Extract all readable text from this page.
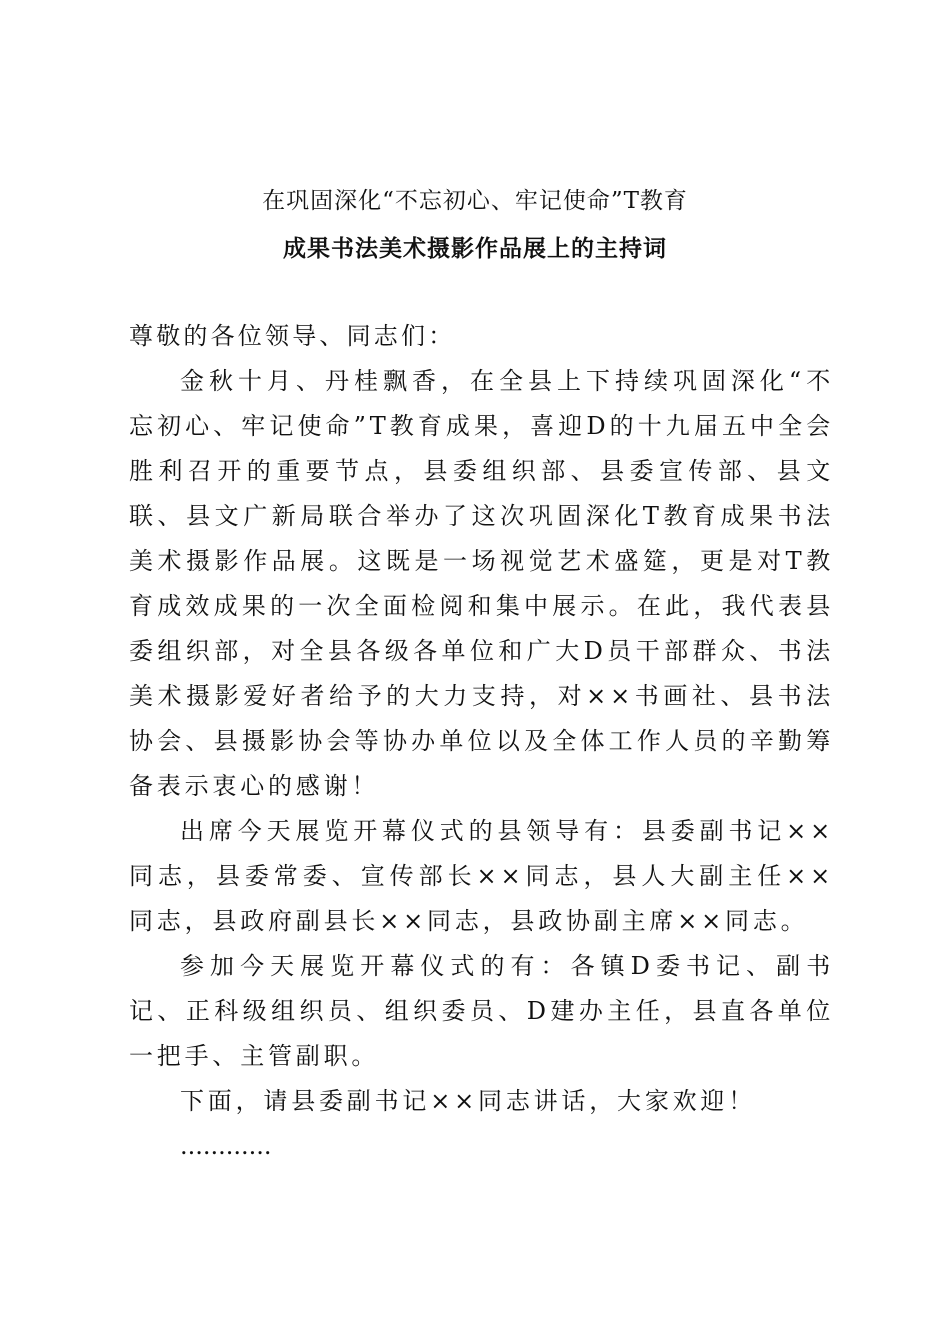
在巩固深化“不忘初心、牢记使命”T教育

成果书法美术摄影作品展上的主持词

尊敬的各位领导、同志们：

金秋十月、丹桂飘香，在全县上下持续巩固深化“不忘初心、牢记使命”T教育成果，喜迎D的十九届五中全会胜利召开的重要节点，县委组织部、县委宣传部、县文联、县文广新局联合举办了这次巩固深化T教育成果书法美术摄影作品展。这既是一场视觉艺术盛筵，更是对T教育成效成果的一次全面检阅和集中展示。在此，我代表县委组织部，对全县各级各单位和广大D员干部群众、书法美术摄影爱好者给予的大力支持，对××书画社、县书法协会、县摄影协会等协办单位以及全体工作人员的辛勤筹备表示衷心的感谢！

出席今天展览开幕仪式的县领导有：县委副书记××同志，县委常委、宣传部长××同志，县人大副主任××同志，县政府副县长××同志，县政协副主席××同志。

参加今天展览开幕仪式的有：各镇D委书记、副书记、正科级组织员、组织委员、D建办主任，县直各单位一把手、主管副职。

下面，请县委副书记××同志讲话，大家欢迎！

............
